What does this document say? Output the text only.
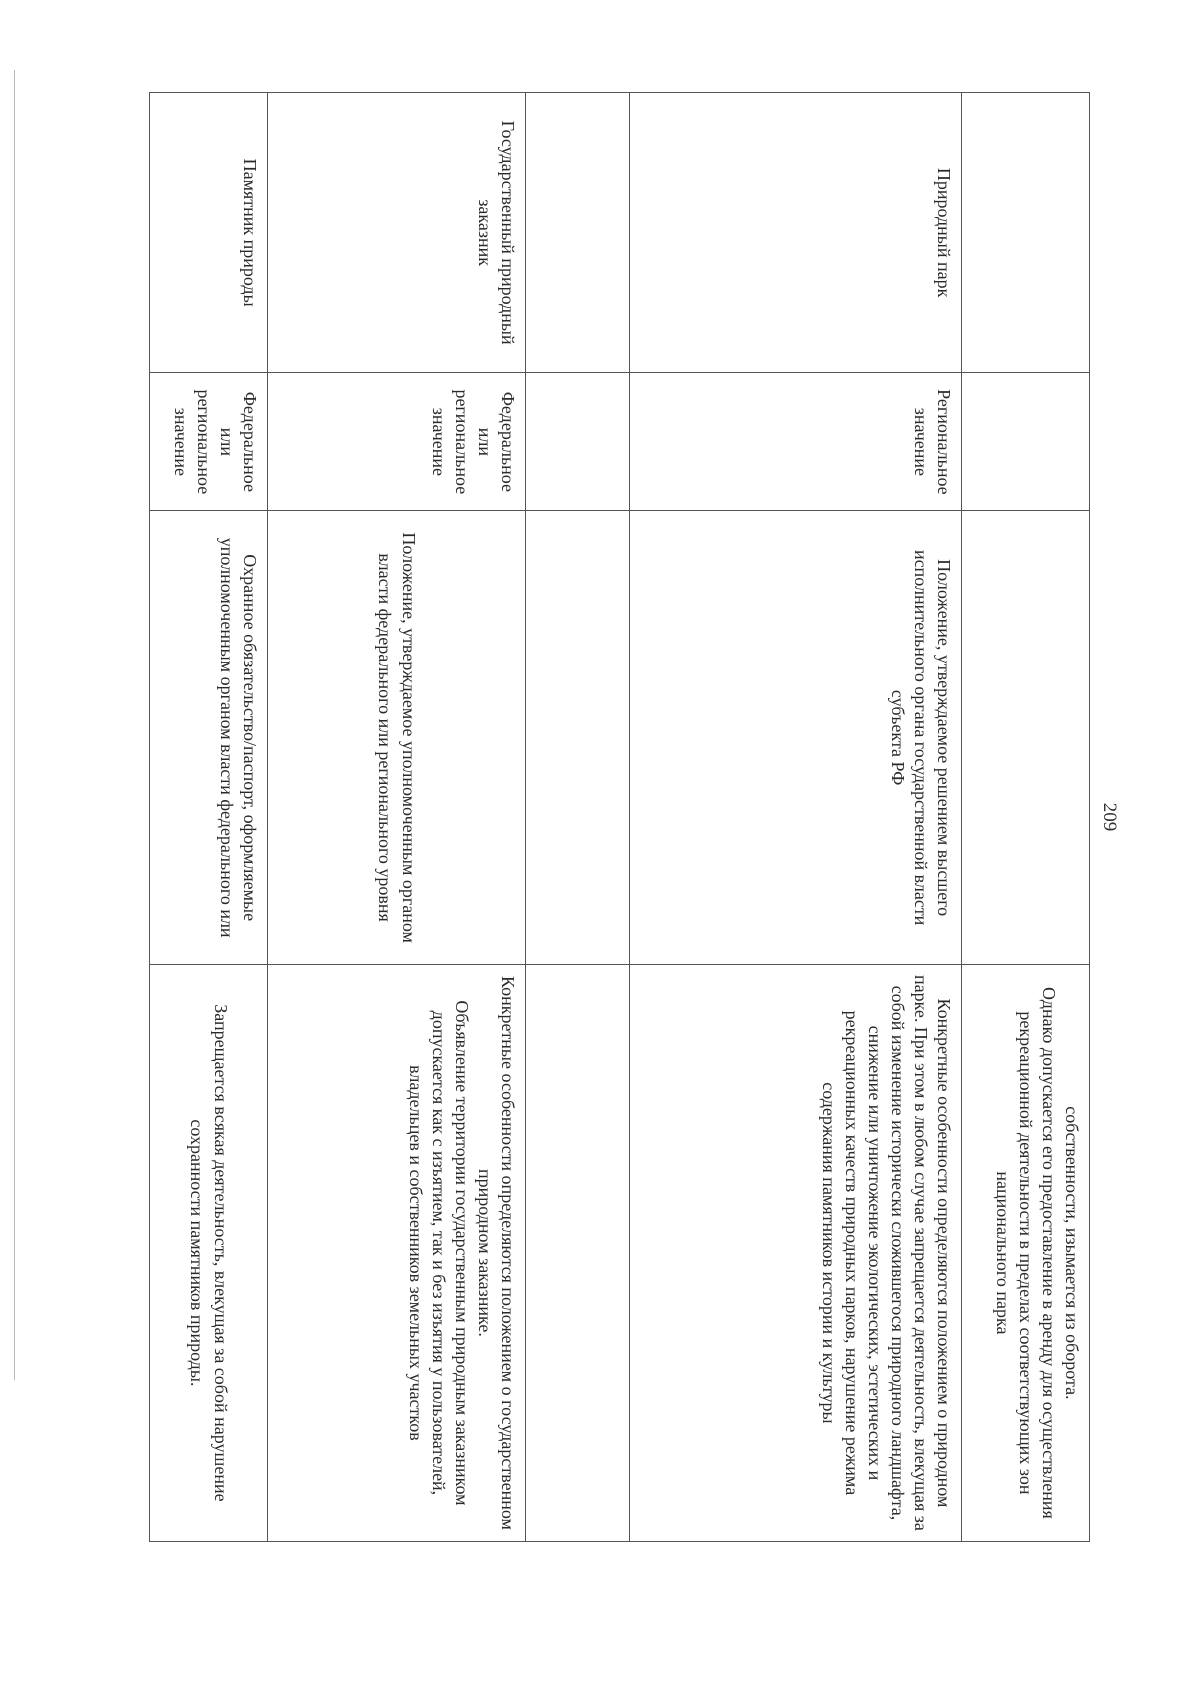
209

			собственности, изымается из оборота.
Однако допускается его предоставление в аренду для осуществления рекреационной деятельности в пределах соответствующих зон национального парка

Природный парк	Региональное значение	Положение, утверждаемое решением высшего исполнительного органа государственной власти субъекта РФ	Конкретные особенности определяются положением о природном парке. При этом в любом случае запрещается деятельность, влекущая за собой изменение исторически сложившегося природного ландшафта, снижение или уничтожение экологических, эстетических и рекреационных качеств природных парков, нарушение режима содержания памятников истории и культуры

Государственный природный заказник	Федеральное или региональное значение	Положение, утверждаемое уполномоченным органом власти федерального или регионального уровня	Конкретные особенности определяются положением о государственном природном заказнике.
Объявление территории государственным природным заказником допускается как с изъятием, так и без изъятия у пользователей, владельцев и собственников земельных участков

Памятник природы	Федеральное или региональное значение	Охранное обязательство/паспорт, оформляемые уполномоченным органом власти федерального или	Запрещается всякая деятельность, влекущая за собой нарушение сохранности памятников природы.
